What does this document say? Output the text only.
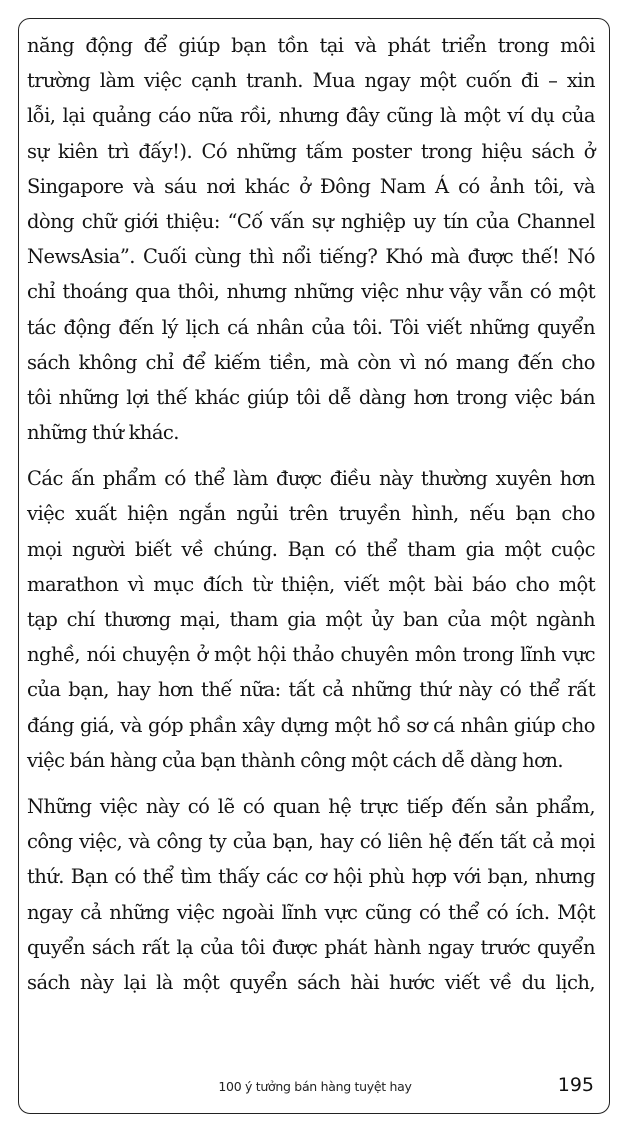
năng động để giúp bạn tồn tại và phát triển trong môi
trường làm việc cạnh tranh. Mua ngay một cuốn đi – xin
lỗi, lại quảng cáo nữa rồi, nhưng đây cũng là một ví dụ của
sự kiên trì đấy!). Có những tấm poster trong hiệu sách ở
Singapore và sáu nơi khác ở Đông Nam Á có ảnh tôi, và
dòng chữ giới thiệu: “Cố vấn sự nghiệp uy tín của Channel
NewsAsia”. Cuối cùng thì nổi tiếng? Khó mà được thế! Nó
chỉ thoáng qua thôi, nhưng những việc như vậy vẫn có một
tác động đến lý lịch cá nhân của tôi. Tôi viết những quyển
sách không chỉ để kiếm tiền, mà còn vì nó mang đến cho
tôi những lợi thế khác giúp tôi dễ dàng hơn trong việc bán
những thứ khác.

Các ấn phẩm có thể làm được điều này thường xuyên hơn
việc xuất hiện ngắn ngủi trên truyền hình, nếu bạn cho
mọi người biết về chúng. Bạn có thể tham gia một cuộc
marathon vì mục đích từ thiện, viết một bài báo cho một
tạp chí thương mại, tham gia một ủy ban của một ngành
nghề, nói chuyện ở một hội thảo chuyên môn trong lĩnh vực
của bạn, hay hơn thế nữa: tất cả những thứ này có thể rất
đáng giá, và góp phần xây dựng một hồ sơ cá nhân giúp cho
việc bán hàng của bạn thành công một cách dễ dàng hơn.

Những việc này có lẽ có quan hệ trực tiếp đến sản phẩm,
công việc, và công ty của bạn, hay có liên hệ đến tất cả mọi
thứ. Bạn có thể tìm thấy các cơ hội phù hợp với bạn, nhưng
ngay cả những việc ngoài lĩnh vực cũng có thể có ích. Một
quyển sách rất lạ của tôi được phát hành ngay trước quyển
sách này lại là một quyển sách hài hước viết về du lịch,

100 ý tưởng bán hàng tuyệt hay	195
